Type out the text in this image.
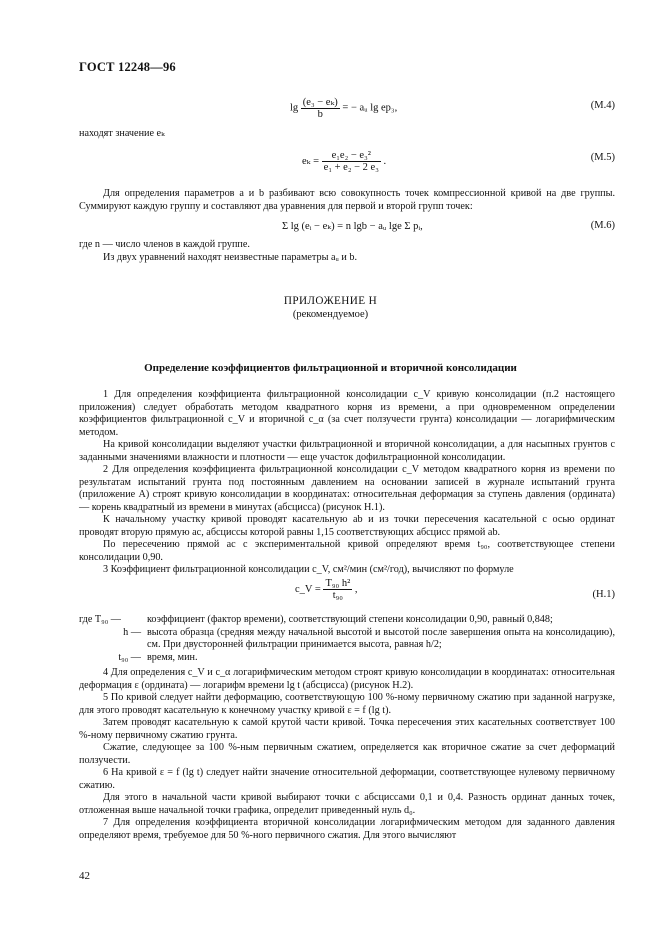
ГОСТ 12248—96
$\lg \frac{\text{(e₃ − eₖ)}}{b}$ = − aᵤ lg ep₃,	(М.4)
находят значение eₖ
$e_k = \frac{\text{e₁e₂ − e₃²}}{\text{e₁ + e₂ − 2 e₃}}$ .	(М.5)
Для определения параметров a и b разбивают всю совокупность точек компрессионной кривой на две группы. Суммируют каждую группу и составляют два уравнения для первой и второй групп точек:
Σ lg (eᵢ − eₖ) = n lgb − aᵤ lge Σ pᵢ,	(М.6)
где n — число членов в каждой группе.
Из двух уравнений находят неизвестные параметры aᵤ и b.
ПРИЛОЖЕНИЕ Н
(рекомендуемое)
Определение коэффициентов фильтрационной и вторичной консолидации
1 Для определения коэффициента фильтрационной консолидации c_V кривую консолидации (п.2 настоящего приложения) следует обработать методом квадратного корня из времени, а при одновременном определении коэффициентов фильтрационной c_V и вторичной c_α (за счет ползучести грунта) консолидации — логарифмическим методом.
На кривой консолидации выделяют участки фильтрационной и вторичной консолидации, а для насыпных грунтов с заданными значениями влажности и плотности — еще участок дофильтрационной консолидации.
2 Для определения коэффициента фильтрационной консолидации c_V методом квадратного корня из времени по результатам испытаний грунта под постоянным давлением на основании записей в журнале испытаний грунта (приложение А) строят кривую консолидации в координатах: относительная деформация за ступень давления (ордината) — корень квадратный из времени в минутах (абсцисса) (рисунок Н.1).
К начальному участку кривой проводят касательную ab и из точки пересечения касательной с осью ординат проводят вторую прямую ac, абсциссы которой равны 1,15 соответствующих абсцисс прямой ab.
По пересечению прямой ac с экспериментальной кривой определяют время t₉₀, соответствующее степени консолидации 0,90.
3 Коэффициент фильтрационной консолидации c_V, см²/мин (см²/год), вычисляют по формуле
c_V = $\frac{\text{T₉₀ h²}}{\text{t₉₀}}$ ,	(Н.1)
где T₉₀ —	коэффициент (фактор времени), соответствующий степени консолидации 0,90, равный 0,848;
h — высота образца (средняя между начальной высотой и высотой после завершения опыта на консолидацию), см. При двусторонней фильтрации принимается высота, равная h/2;
t₉₀ — время, мин.
4 Для определения c_V и c_α логарифмическим методом строят кривую консолидации в координатах: относительная деформация ε (ордината) — логарифм времени lg t (абсцисса) (рисунок Н.2).
5 По кривой следует найти деформацию, соответствующую 100 %-ному первичному сжатию при заданной нагрузке, для этого проводят касательную к конечному участку кривой ε = f (lg t).
Затем проводят касательную к самой крутой части кривой. Точка пересечения этих касательных соответствует 100 %-ному первичному сжатию грунта.
Сжатие, следующее за 100 %-ным первичным сжатием, определяется как вторичное сжатие за счет деформаций ползучести.
6 На кривой ε = f (lg t) следует найти значение относительной деформации, соответствующее нулевому первичному сжатию.
Для этого в начальной части кривой выбирают точки с абсциссами 0,1 и 0,4. Разность ординат данных точек, отложенная выше начальной точки графика, определит приведенный нуль d₀.
7 Для определения коэффициента вторичной консолидации логарифмическим методом для заданного давления определяют время, требуемое для 50 %-ного первичного сжатия. Для этого вычисляют
42
